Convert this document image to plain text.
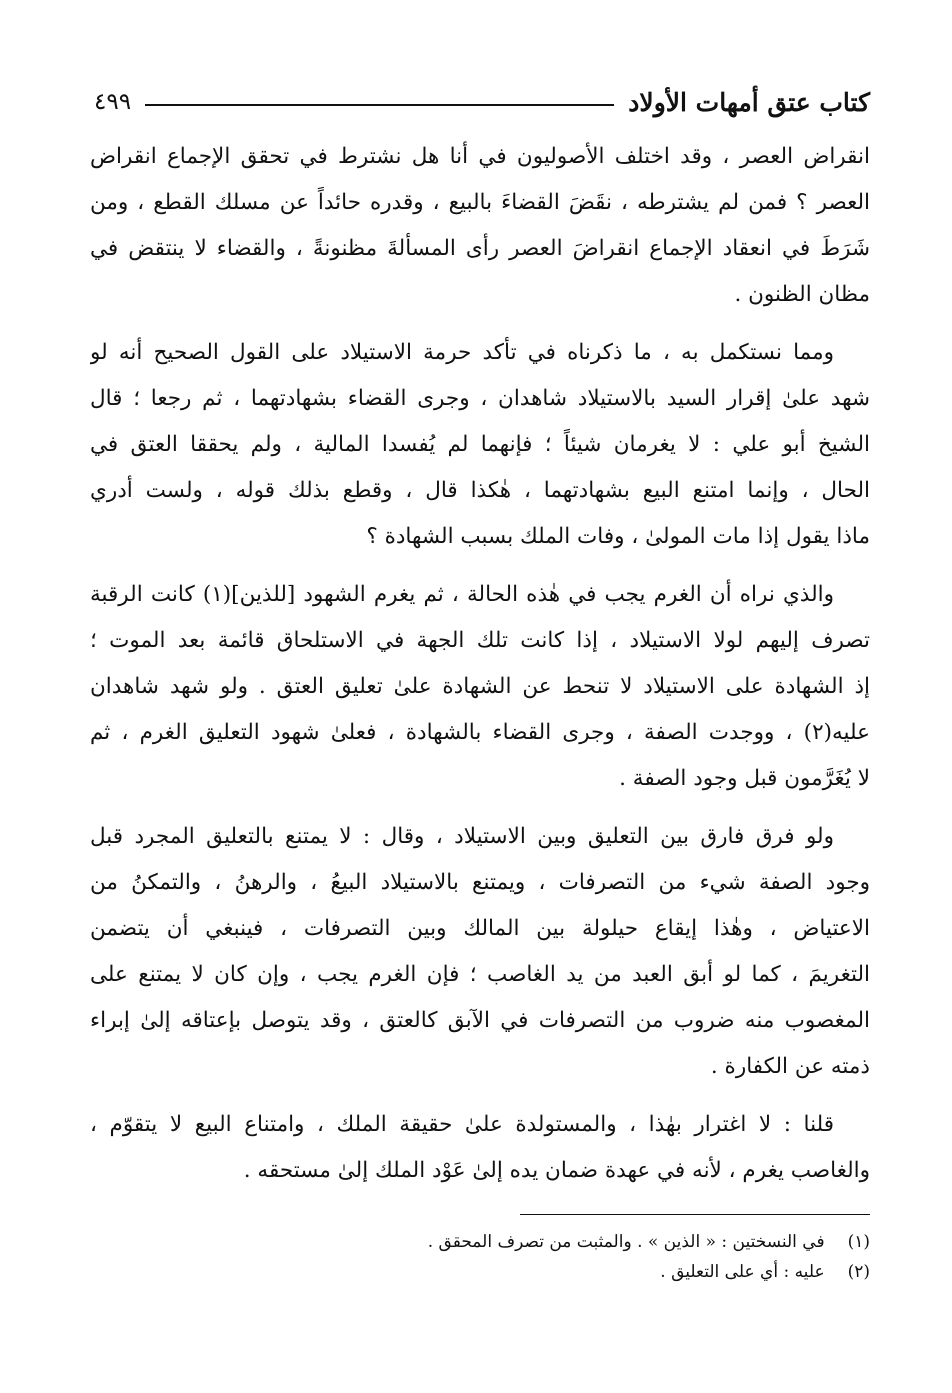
كتاب عتق أمهات الأولاد
٤٩٩

انقراض العصر ، وقد اختلف الأصوليون في أنا هل نشترط في تحقق الإجماع انقراض
العصر ؟ فمن لم يشترطه ، نقَضَ القضاءَ بالبيع ، وقدره حائداً عن مسلك القطع ، ومن
شَرَطَ في انعقاد الإجماع انقراضَ العصر رأى المسألةَ مظنونةً ، والقضاء لا ينتقض في
مظان الظنون .

ومما نستكمل به ، ما ذكرناه في تأكد حرمة الاستيلاد على القول الصحيح أنه لو
شهد علىٰ إقرار السيد بالاستيلاد شاهدان ، وجرى القضاء بشهادتهما ، ثم رجعا ؛ قال
الشيخ أبو علي : لا يغرمان شيئاً ؛ فإنهما لم يُفسدا المالية ، ولم يحققا العتق في
الحال ، وإنما امتنع البيع بشهادتهما ، هٰكذا قال ، وقطع بذلك قوله ، ولست أدري
ماذا يقول إذا مات المولىٰ ، وفات الملك بسبب الشهادة ؟

والذي نراه أن الغرم يجب في هٰذه الحالة ، ثم يغرم الشهود [للذين](١) كانت الرقبة
تصرف إليهم لولا الاستيلاد ، إذا كانت تلك الجهة في الاستلحاق قائمة بعد الموت ؛
إذ الشهادة على الاستيلاد لا تنحط عن الشهادة علىٰ تعليق العتق . ولو شهد شاهدان
عليه(٢) ، ووجدت الصفة ، وجرى القضاء بالشهادة ، فعلىٰ شهود التعليق الغرم ، ثم
لا يُغَرَّمون قبل وجود الصفة .

ولو فرق فارق بين التعليق وبين الاستيلاد ، وقال : لا يمتنع بالتعليق المجرد قبل
وجود الصفة شيء من التصرفات ، ويمتنع بالاستيلاد البيعُ ، والرهنُ ، والتمكنُ من
الاعتياض ، وهٰذا إيقاع حيلولة بين المالك وبين التصرفات ، فينبغي أن يتضمن
التغريمَ ، كما لو أبق العبد من يد الغاصب ؛ فإن الغرم يجب ، وإن كان لا يمتنع على
المغصوب منه ضروب من التصرفات في الآبق كالعتق ، وقد يتوصل بإعتاقه إلىٰ إبراء
ذمته عن الكفارة .

قلنا : لا اغترار بهٰذا ، والمستولدة علىٰ حقيقة الملك ، وامتناع البيع لا يتقوّم ،
والغاصب يغرم ، لأنه في عهدة ضمان يده إلىٰ عَوْد الملك إلىٰ مستحقه .

(١) في النسختين : « الذين » . والمثبت من تصرف المحقق .
(٢) عليه : أي على التعليق .
